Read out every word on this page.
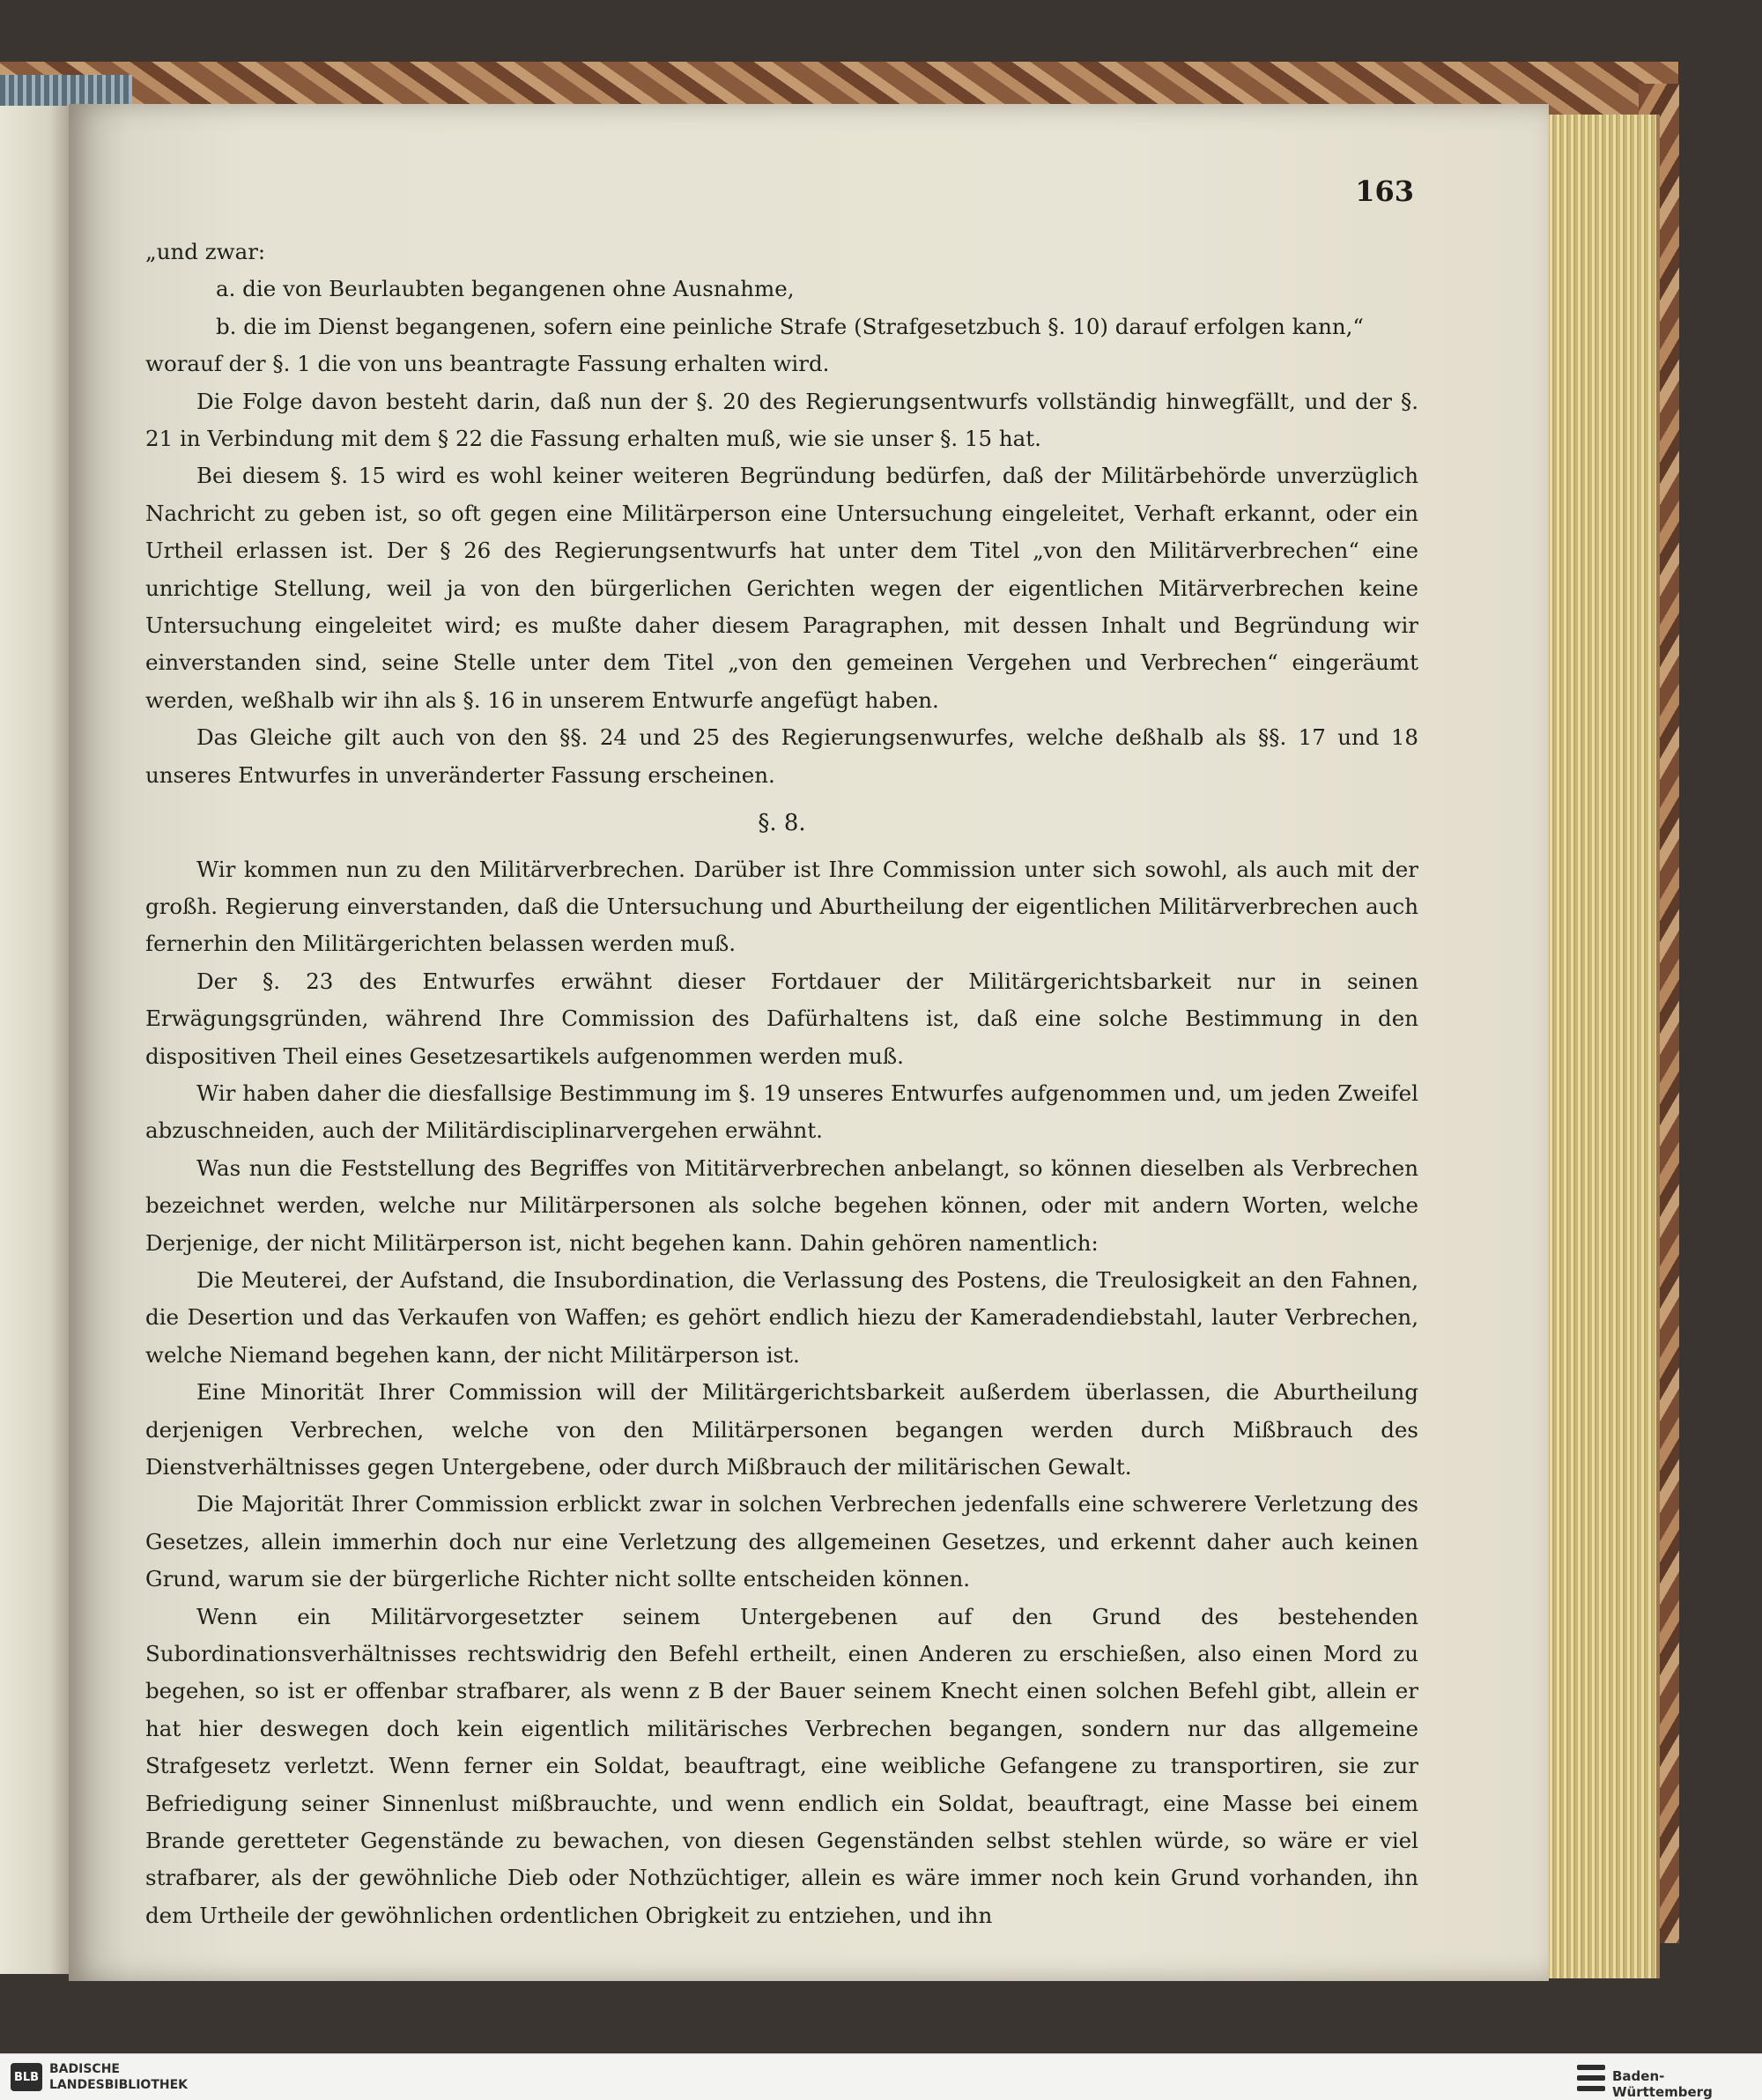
163

„und zwar:

a. die von Beurlaubten begangenen ohne Ausnahme,

b. die im Dienst begangenen, sofern eine peinliche Strafe (Strafgesetzbuch §. 10) darauf erfolgen kann,“

worauf der §. 1 die von uns beantragte Fassung erhalten wird.

Die Folge davon besteht darin, daß nun der §. 20 des Regierungsentwurfs vollständig hinwegfällt, und der §. 21 in Verbindung mit dem § 22 die Fassung erhalten muß, wie sie unser §. 15 hat.

Bei diesem §. 15 wird es wohl keiner weiteren Begründung bedürfen, daß der Militärbehörde unverzüglich Nachricht zu geben ist, so oft gegen eine Militärperson eine Untersuchung eingeleitet, Verhaft erkannt, oder ein Urtheil erlassen ist. Der § 26 des Regierungsentwurfs hat unter dem Titel „von den Militärverbrechen“ eine unrichtige Stellung, weil ja von den bürgerlichen Gerichten wegen der eigentlichen Mitärverbrechen keine Untersuchung eingeleitet wird; es mußte daher diesem Paragraphen, mit dessen Inhalt und Begründung wir einverstanden sind, seine Stelle unter dem Titel „von den gemeinen Vergehen und Verbrechen“ eingeräumt werden, weßhalb wir ihn als §. 16 in unserem Entwurfe angefügt haben.

Das Gleiche gilt auch von den §§. 24 und 25 des Regierungsenwurfes, welche deßhalb als §§. 17 und 18 unseres Entwurfes in unveränderter Fassung erscheinen.

§. 8.

Wir kommen nun zu den Militärverbrechen. Darüber ist Ihre Commission unter sich sowohl, als auch mit der großh. Regierung einverstanden, daß die Untersuchung und Aburtheilung der eigentlichen Militärverbrechen auch fernerhin den Militärgerichten belassen werden muß.

Der §. 23 des Entwurfes erwähnt dieser Fortdauer der Militärgerichtsbarkeit nur in seinen Erwägungsgründen, während Ihre Commission des Dafürhaltens ist, daß eine solche Bestimmung in den dispositiven Theil eines Gesetzesartikels aufgenommen werden muß.

Wir haben daher die diesfallsige Bestimmung im §. 19 unseres Entwurfes aufgenommen und, um jeden Zweifel abzuschneiden, auch der Militärdisciplinarvergehen erwähnt.

Was nun die Feststellung des Begriffes von Mititärverbrechen anbelangt, so können dieselben als Verbrechen bezeichnet werden, welche nur Militärpersonen als solche begehen können, oder mit andern Worten, welche Derjenige, der nicht Militärperson ist, nicht begehen kann. Dahin gehören namentlich:

Die Meuterei, der Aufstand, die Insubordination, die Verlassung des Postens, die Treulosigkeit an den Fahnen, die Desertion und das Verkaufen von Waffen; es gehört endlich hiezu der Kameradendiebstahl, lauter Verbrechen, welche Niemand begehen kann, der nicht Militärperson ist.

Eine Minorität Ihrer Commission will der Militärgerichtsbarkeit außerdem überlassen, die Aburtheilung derjenigen Verbrechen, welche von den Militärpersonen begangen werden durch Mißbrauch des Dienstverhältnisses gegen Untergebene, oder durch Mißbrauch der militärischen Gewalt.

Die Majorität Ihrer Commission erblickt zwar in solchen Verbrechen jedenfalls eine schwerere Verletzung des Gesetzes, allein immerhin doch nur eine Verletzung des allgemeinen Gesetzes, und erkennt daher auch keinen Grund, warum sie der bürgerliche Richter nicht sollte entscheiden können.

Wenn ein Militärvorgesetzter seinem Untergebenen auf den Grund des bestehenden Subordinationsverhältnisses rechtswidrig den Befehl ertheilt, einen Anderen zu erschießen, also einen Mord zu begehen, so ist er offenbar strafbarer, als wenn z B der Bauer seinem Knecht einen solchen Befehl gibt, allein er hat hier deswegen doch kein eigentlich militärisches Verbrechen begangen, sondern nur das allgemeine Strafgesetz verletzt. Wenn ferner ein Soldat, beauftragt, eine weibliche Gefangene zu transportiren, sie zur Befriedigung seiner Sinnenlust mißbrauchte, und wenn endlich ein Soldat, beauftragt, eine Masse bei einem Brande geretteter Gegenstände zu bewachen, von diesen Gegenständen selbst stehlen würde, so wäre er viel strafbarer, als der gewöhnliche Dieb oder Nothzüchtiger, allein es wäre immer noch kein Grund vorhanden, ihn dem Urtheile der gewöhnlichen ordentlichen Obrigkeit zu entziehen, und ihn

BLB
BADISCHE
LANDESBIBLIOTHEK
Baden-Württemberg
